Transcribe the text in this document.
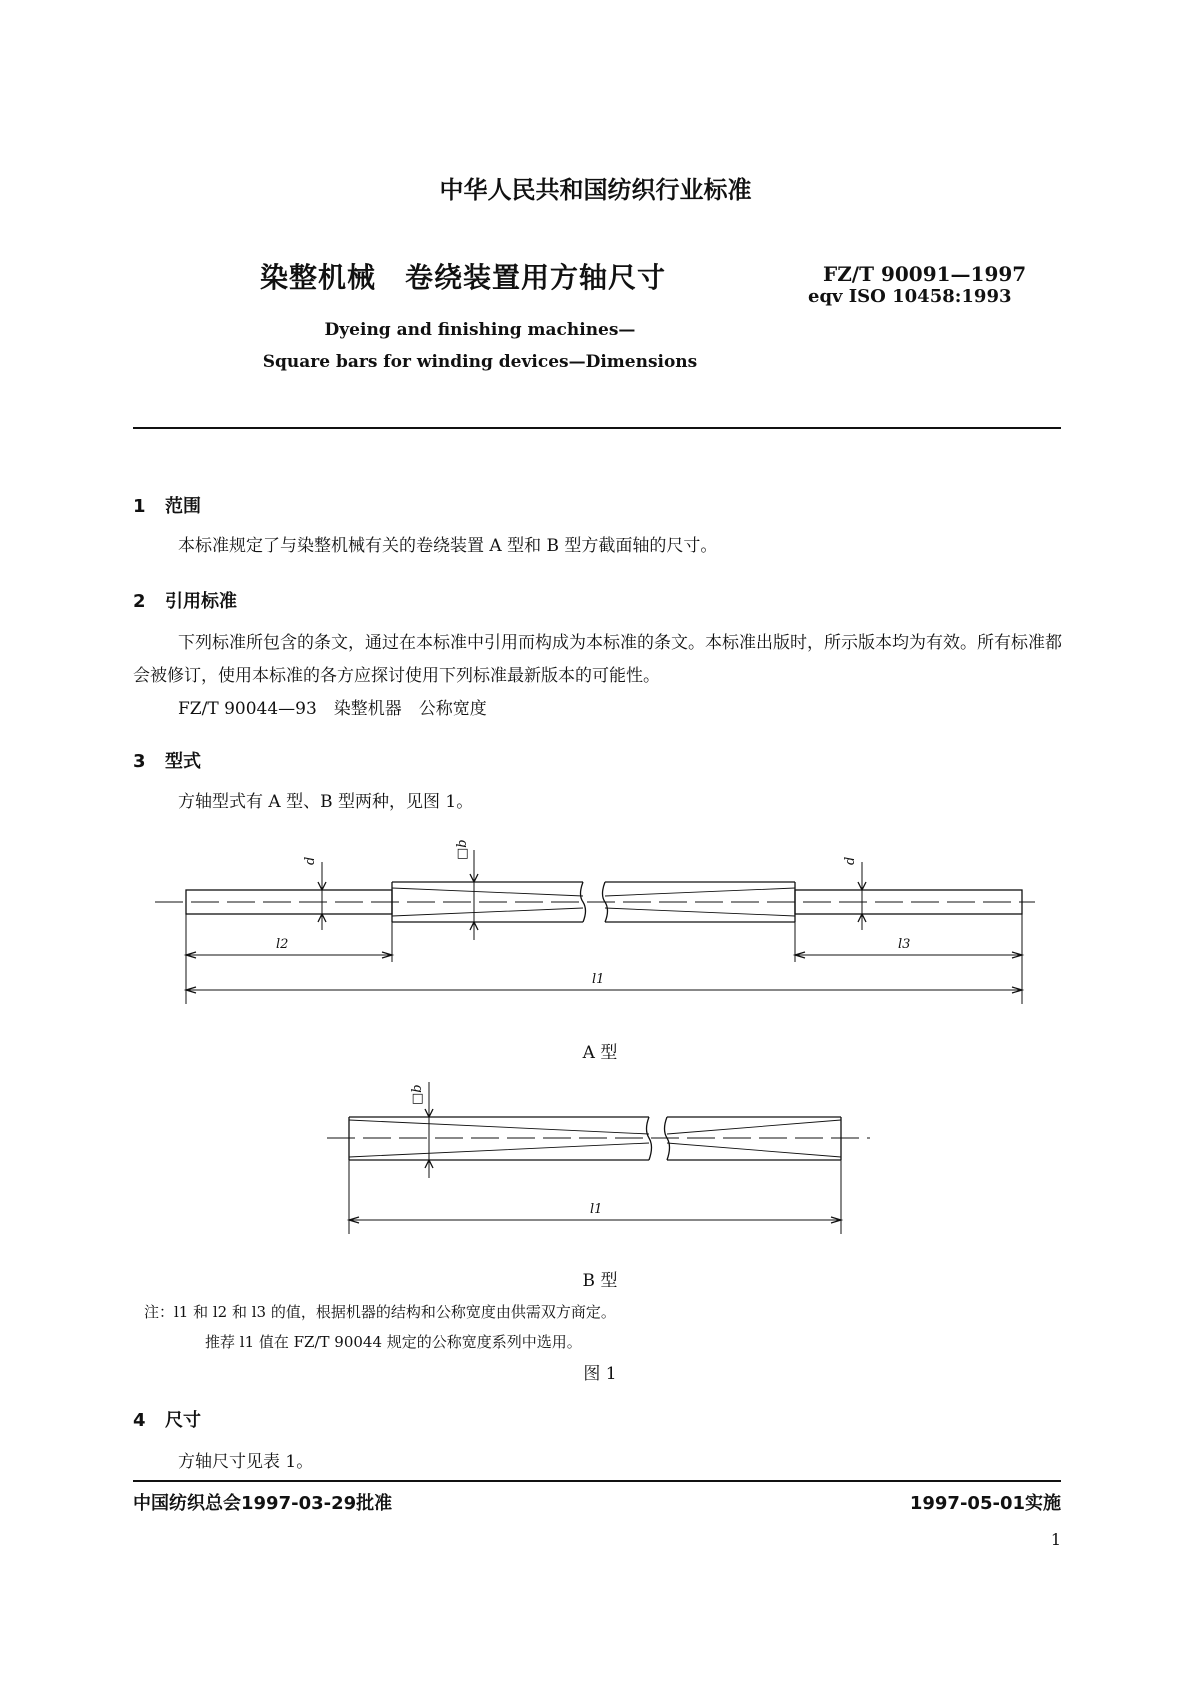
中华人民共和国纺织行业标准
染整机械　卷绕装置用方轴尺寸	FZ/T 90091—1997
eqv ISO 10458:1993
Dyeing and finishing machines—
Square bars for winding devices—Dimensions
1 范围
本标准规定了与染整机械有关的卷绕装置 A 型和 B 型方截面轴的尺寸。
2 引用标准
下列标准所包含的条文，通过在本标准中引用而构成为本标准的条文。本标准出版时，所示版本均为有效。所有标准都会被修订，使用本标准的各方应探讨使用下列标准最新版本的可能性。
FZ/T 90044—93　染整机器　公称宽度
3 型式
方轴型式有 A 型、B 型两种，见图 1。
d	d
□b
l2	l3
l1
□b
l1
A 型
B 型
注：l1 和 l2 和 l3 的值，根据机器的结构和公称宽度由供需双方商定。
推荐 l1 值在 FZ/T 90044 规定的公称宽度系列中选用。
图 1
4 尺寸
方轴尺寸见表 1。
中国纺织总会1997-03-29批准	1997-05-01实施
1
